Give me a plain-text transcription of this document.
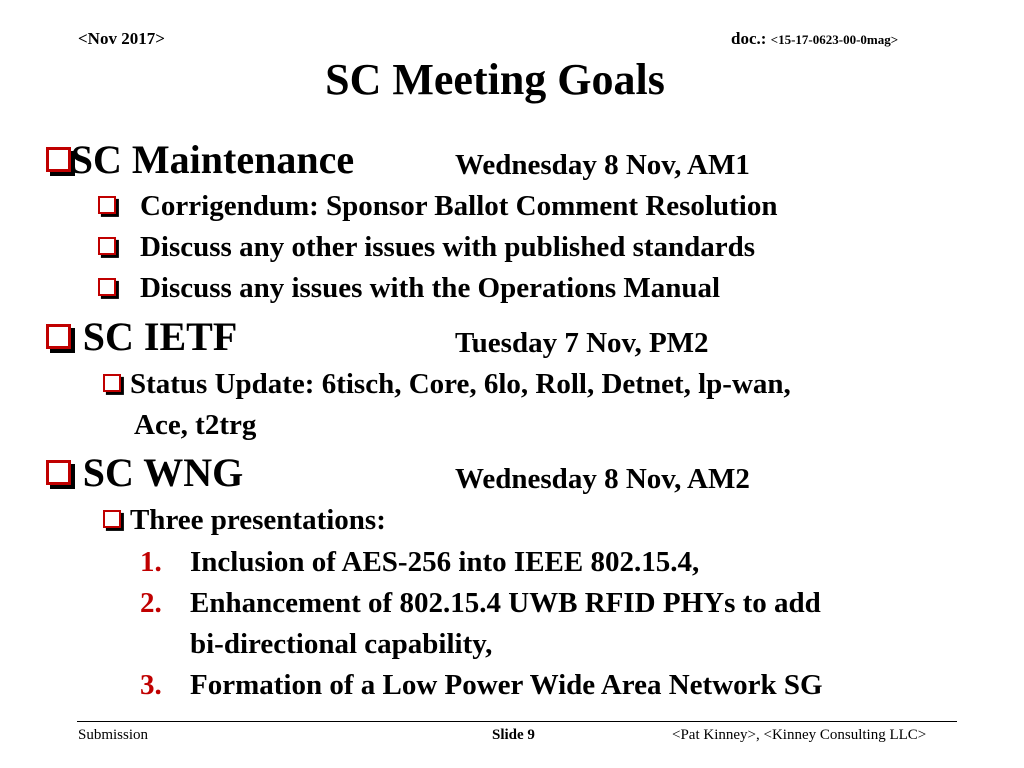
<Nov 2017>	doc.: <15-17-0623-00-0mag>
SC Meeting Goals
SC Maintenance	Wednesday 8 Nov, AM1
Corrigendum: Sponsor Ballot Comment Resolution
Discuss any other issues with published standards
Discuss any issues with the Operations Manual
SC IETF	Tuesday 7 Nov, PM2
Status Update: 6tisch, Core, 6lo, Roll, Detnet, lp-wan,
Ace, t2trg
SC WNG	Wednesday 8 Nov, AM2
Three presentations:
1. Inclusion of AES-256 into IEEE 802.15.4,
2. Enhancement of 802.15.4 UWB RFID PHYs to add
bi-directional capability,
3. Formation of a Low Power Wide Area Network SG
Submission	Slide 9	<Pat Kinney>, <Kinney Consulting LLC>
